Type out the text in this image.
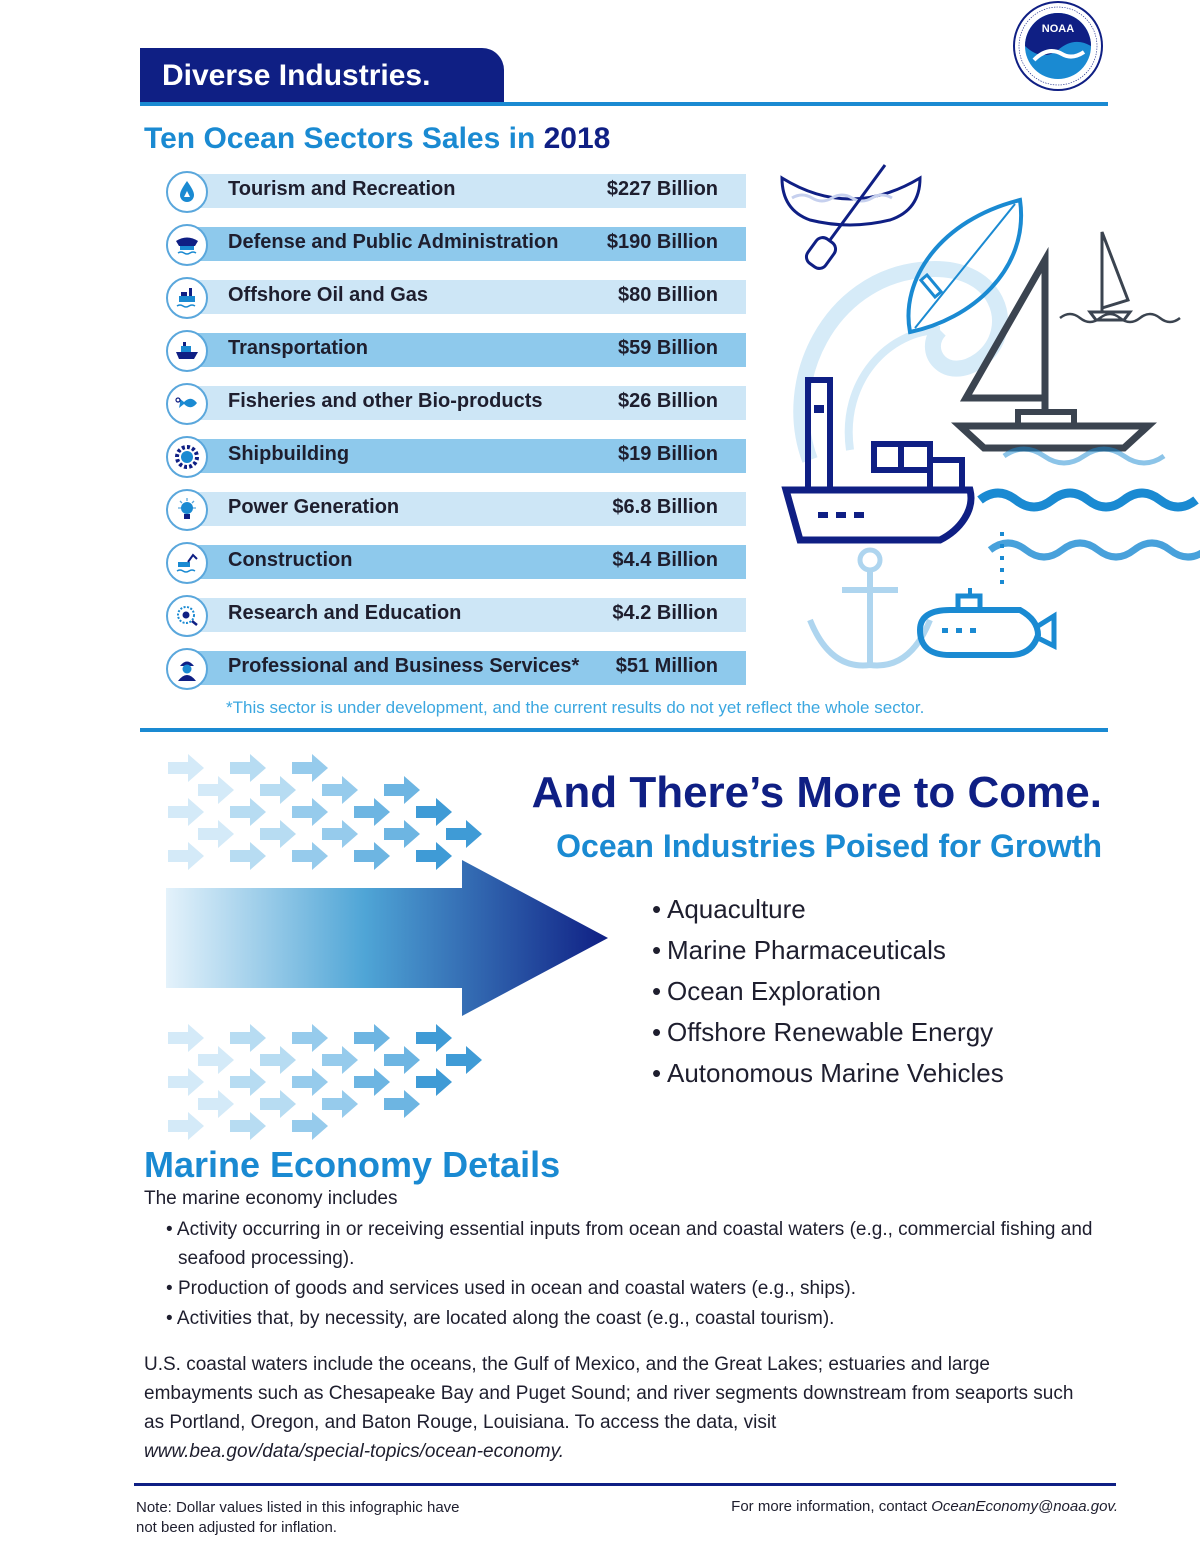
Diverse Industries.
NOAA
Ten Ocean Sectors Sales in 2018
Tourism and Recreation	$227 Billion
Defense and Public Administration $190 Billion
Offshore Oil and Gas	$80 Billion
Transportation	$59 Billion
Fisheries and other Bio-products	$26 Billion
Shipbuilding	$19 Billion
Power Generation	$6.8 Billion
Construction	$4.4 Billion
Research and Education	$4.2 Billion
Professional and Business Services* $51 Million
*This sector is under development, and the current results do not yet reflect the whole sector.
And There’s More to Come.
Ocean Industries Poised for Growth
• Aquaculture
• Marine Pharmaceuticals
• Ocean Exploration
• Offshore Renewable Energy
• Autonomous Marine Vehicles
Marine Economy Details
The marine economy includes
• Activity occurring in or receiving essential inputs from ocean and coastal waters (e.g., commercial fishing and seafood processing).
• Production of goods and services used in ocean and coastal waters (e.g., ships).
• Activities that, by necessity, are located along the coast (e.g., coastal tourism).
U.S. coastal waters include the oceans, the Gulf of Mexico, and the Great Lakes; estuaries and large embayments such as Chesapeake Bay and Puget Sound; and river segments downstream from seaports such as Portland, Oregon, and Baton Rouge, Louisiana. To access the data, visit
www.bea.gov/data/special-topics/ocean-economy.
Note: Dollar values listed in this infographic have not been adjusted for inflation.
For more information, contact OceanEconomy@noaa.gov.
